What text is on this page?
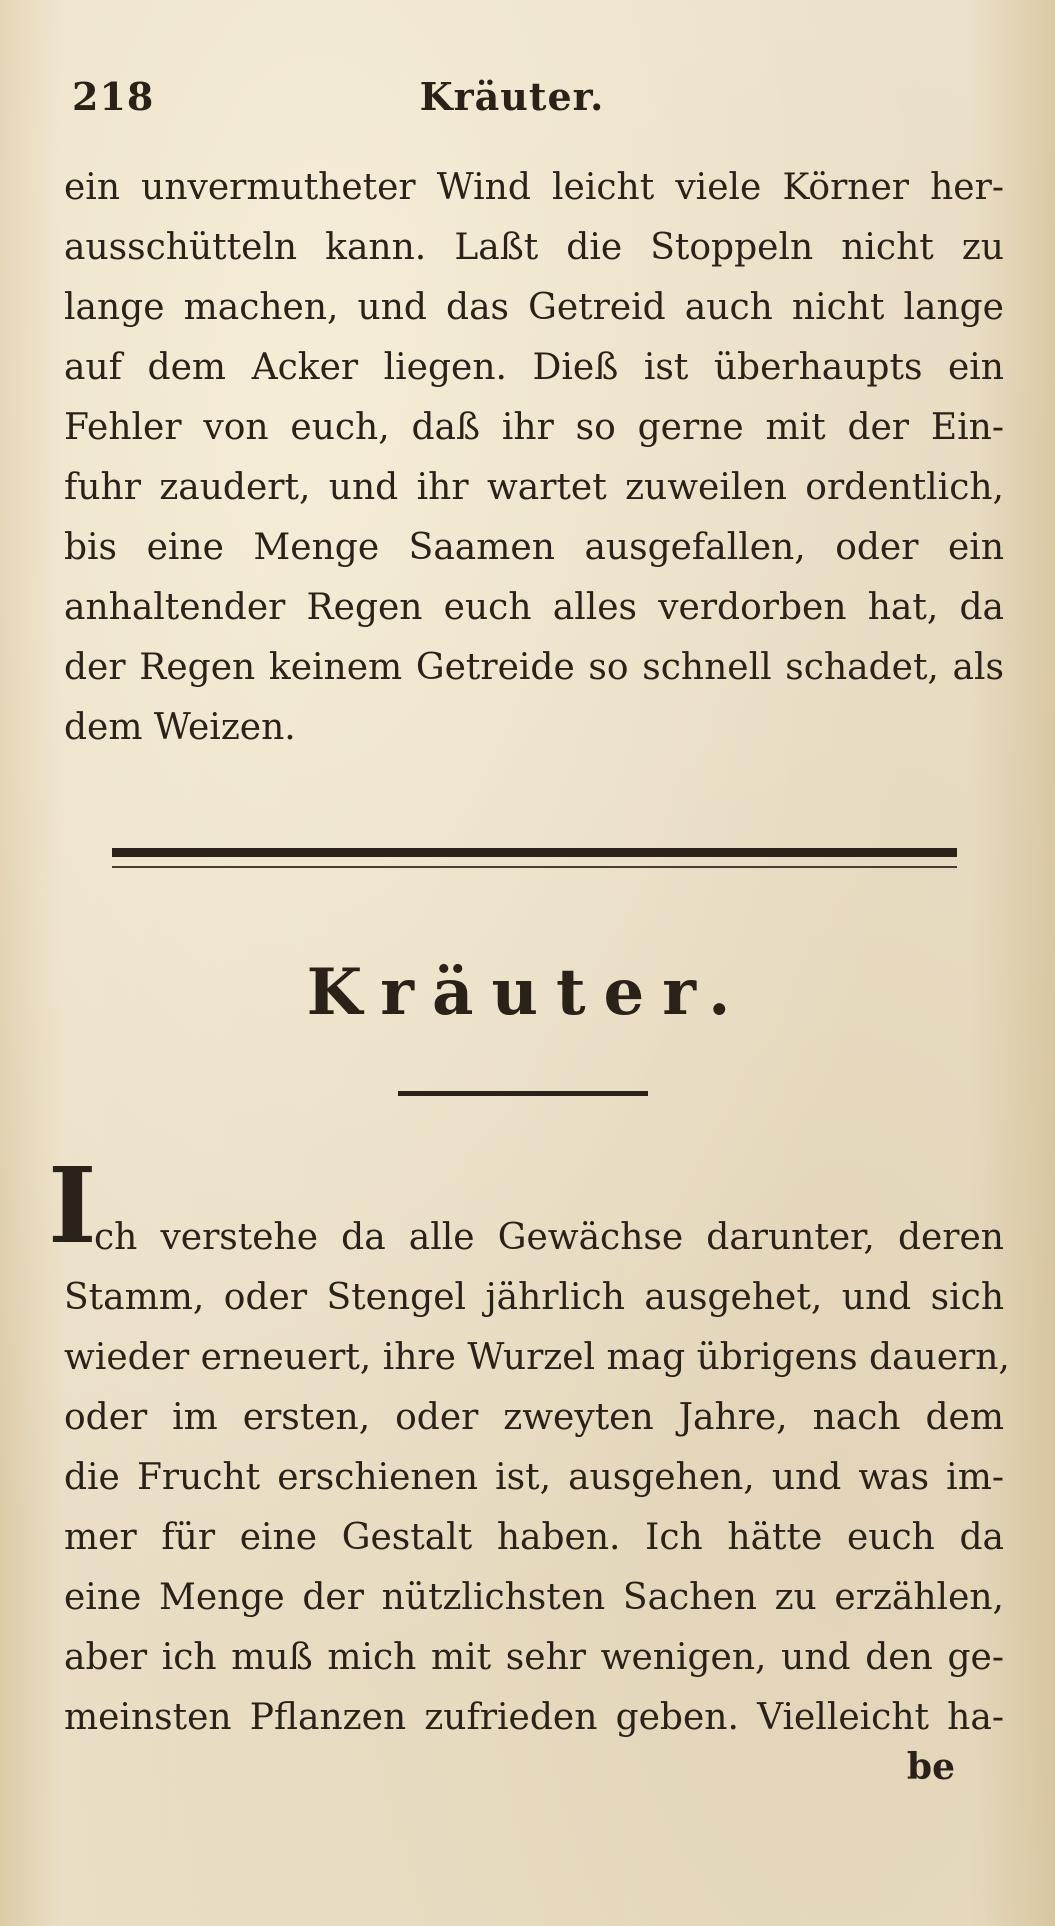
218	Kräuter.
ein unvermutheter Wind leicht viele Körner her-
ausschütteln kann. Laßt die Stoppeln nicht zu
lange machen, und das Getreid auch nicht lange
auf dem Acker liegen. Dieß ist überhaupts ein
Fehler von euch, daß ihr so gerne mit der Ein-
fuhr zaudert, und ihr wartet zuweilen ordentlich,
bis eine Menge Saamen ausgefallen, oder ein
anhaltender Regen euch alles verdorben hat, da
der Regen keinem Getreide so schnell schadet, als
dem Weizen.
Kräuter.
I
ch verstehe da alle Gewächse darunter, deren
Stamm, oder Stengel jährlich ausgehet, und sich
wieder erneuert, ihre Wurzel mag übrigens dauern,
oder im ersten, oder zweyten Jahre, nach dem
die Frucht erschienen ist, ausgehen, und was im-
mer für eine Gestalt haben. Ich hätte euch da
eine Menge der nützlichsten Sachen zu erzählen,
aber ich muß mich mit sehr wenigen, und den ge-
meinsten Pflanzen zufrieden geben. Vielleicht ha-
be
